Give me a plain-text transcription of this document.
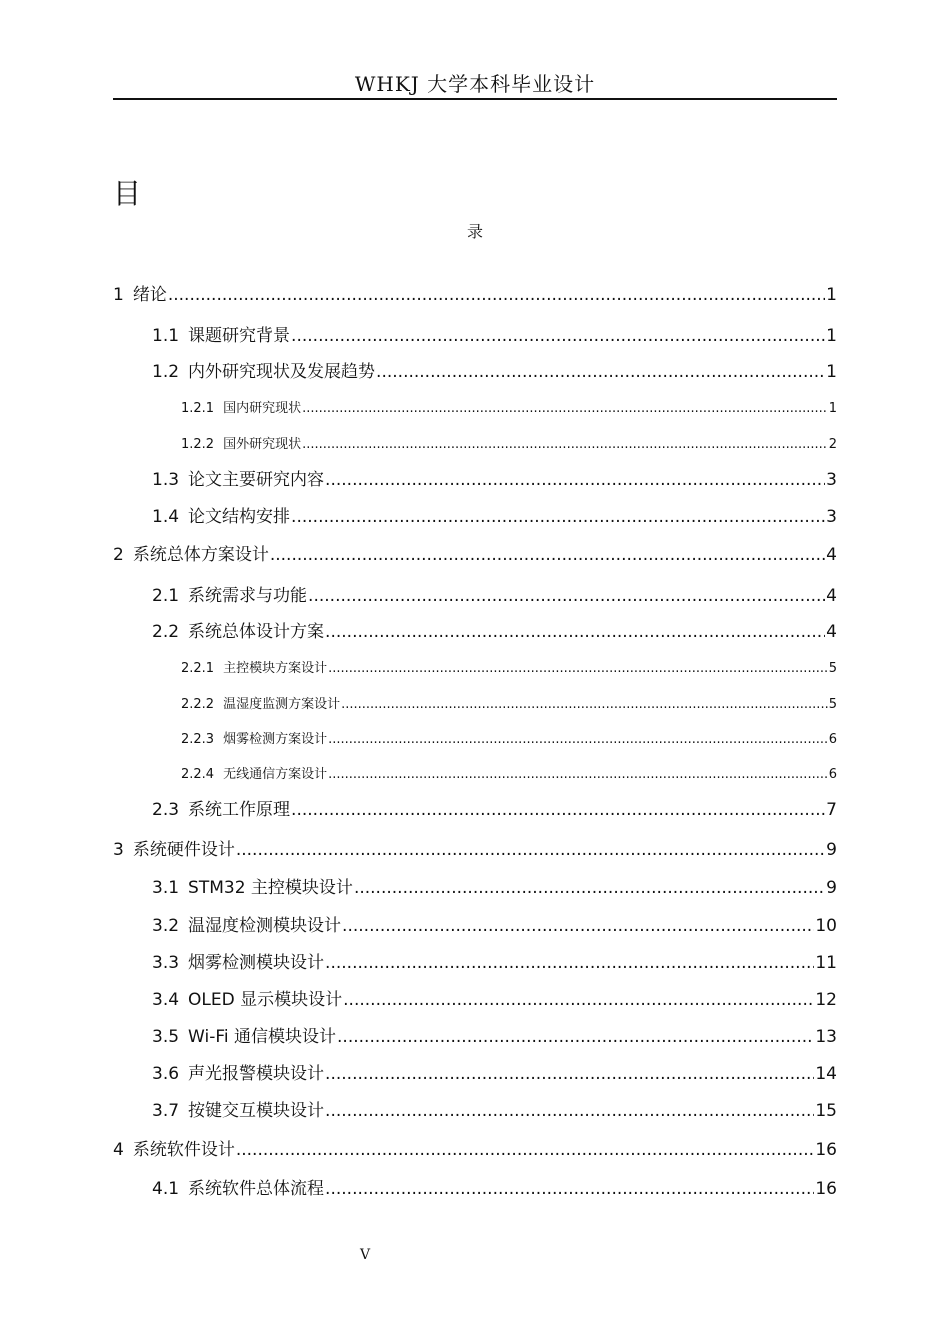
WHKJ 大学本科毕业设计
目
录
1 绪论 .....	1
1.1 课题研究背景 .....	1
1.2 内外研究现状及发展趋势 .....	1
1.2.1 国内研究现状 .....	1
1.2.2 国外研究现状 .....	2
1.3 论文主要研究内容 .....	3
1.4 论文结构安排 .....	3
2 系统总体方案设计 .....	4
2.1 系统需求与功能 .....	4
2.2 系统总体设计方案 .....	4
2.2.1 主控模块方案设计 .....	5
2.2.2 温湿度监测方案设计 .....	5
2.2.3 烟雾检测方案设计 .....	6
2.2.4 无线通信方案设计 .....	6
2.3 系统工作原理 .....	7
3 系统硬件设计 .....	9
3.1 STM32 主控模块设计 .....	9
3.2 温湿度检测模块设计 .....	10
3.3 烟雾检测模块设计 .....	11
3.4 OLED 显示模块设计 .....	12
3.5 Wi-Fi 通信模块设计 .....	13
3.6 声光报警模块设计 .....	14
3.7 按键交互模块设计 .....	15
4 系统软件设计 .....	16
4.1 系统软件总体流程 .....	16
V
